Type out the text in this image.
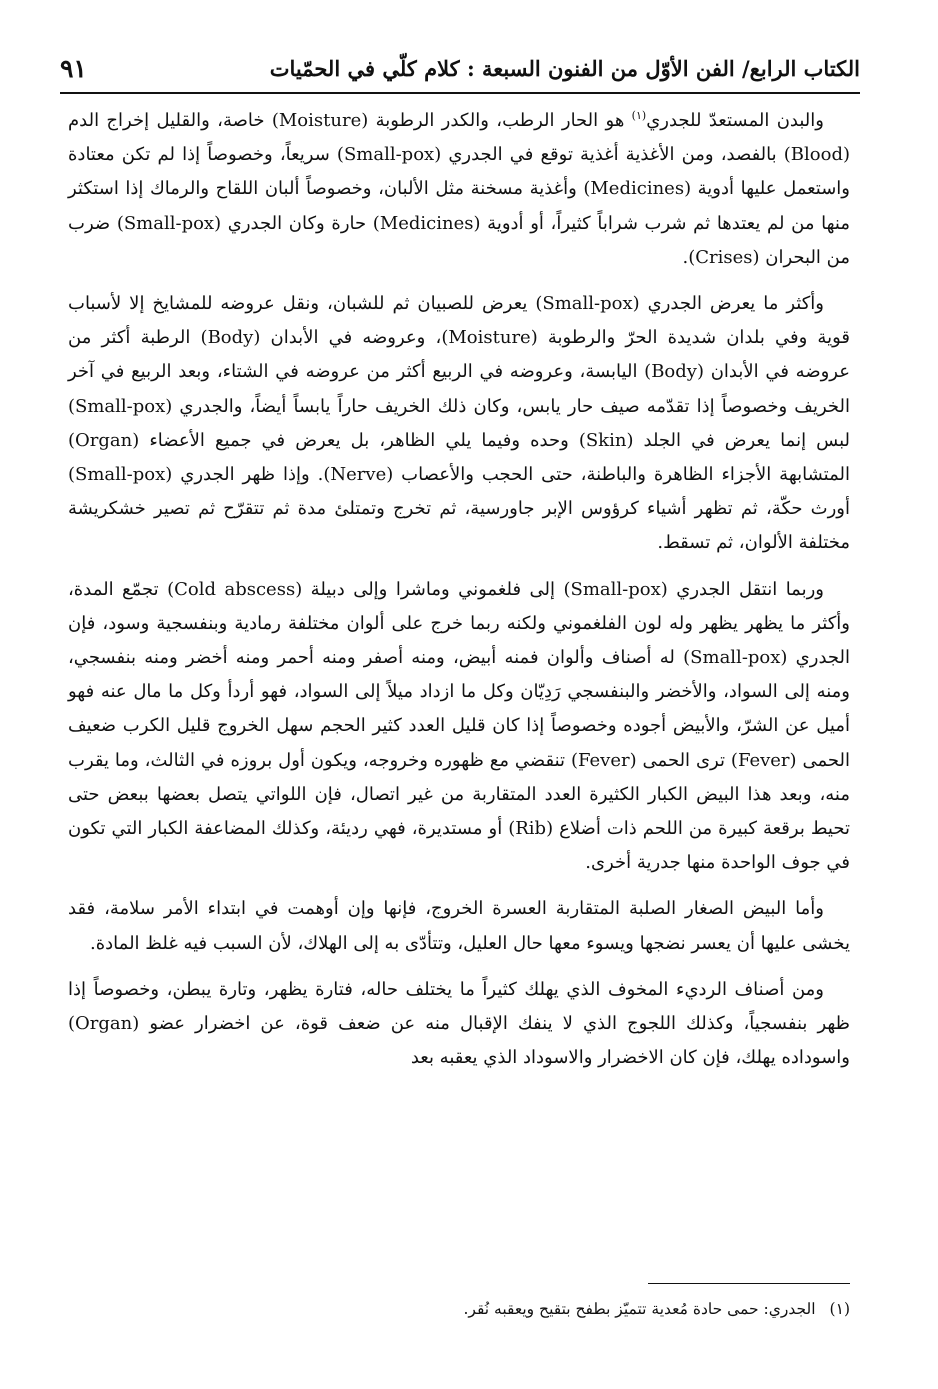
٩١	الكتاب الرابع/ الفن الأوّل من الفنون السبعة : كلام كلّي في الحمّيات

والبدن المستعدّ للجدري$^{(١)}$ هو الحار الرطب، والكدر الرطوبة (Moisture) خاصة، والقليل إخراج الدم (Blood) بالفصد، ومن الأغذية أغذية توقع في الجدري (Small-pox) سريعاً، وخصوصاً إذا لم تكن معتادة واستعمل عليها أدوية (Medicines) وأغذية مسخنة مثل الألبان، وخصوصاً ألبان اللقاح والرماك إذا استكثر منها من لم يعتدها ثم شرب شراباً كثيراً، أو أدوية (Medicines) حارة وكان الجدري (Small-pox) ضرب من البحران (Crises).

وأكثر ما يعرض الجدري (Small-pox) يعرض للصبيان ثم للشبان، ونقل عروضه للمشايخ إلا لأسباب قوية وفي بلدان شديدة الحرّ والرطوبة (Moisture)، وعروضه في الأبدان (Body) الرطبة أكثر من عروضه في الأبدان (Body) اليابسة، وعروضه في الربيع أكثر من عروضه في الشتاء، وبعد الربيع في آخر الخريف وخصوصاً إذا تقدّمه صيف حار يابس، وكان ذلك الخريف حاراً يابساً أيضاً، والجدري (Small-pox) لبس إنما يعرض في الجلد (Skin) وحده وفيما يلي الظاهر، بل يعرض في جميع الأعضاء (Organ) المتشابهة الأجزاء الظاهرة والباطنة، حتى الحجب والأعصاب (Nerve). وإذا ظهر الجدري (Small-pox) أورث حكّة، ثم تظهر أشياء كرؤوس الإبر جاورسية، ثم تخرج وتمتلئ مدة ثم تتقرّح ثم تصير خشكريشة مختلفة الألوان، ثم تسقط.

وربما انتقل الجدري (Small-pox) إلى فلغموني وماشرا وإلى دبيلة (Cold abscess) تجمّع المدة، وأكثر ما يظهر يظهر وله لون الفلغموني ولكنه ربما خرج على ألوان مختلفة رمادية وبنفسجية وسود، فإن الجدري (Small-pox) له أصناف وألوان فمنه أبيض، ومنه أصفر ومنه أحمر ومنه أخضر ومنه بنفسجي، ومنه إلى السواد، والأخضر والبنفسجي رَدِيّان وكل ما ازداد ميلاً إلى السواد، فهو أردأ وكل ما مال عنه فهو أميل عن الشرّ، والأبيض أجوده وخصوصاً إذا كان قليل العدد كثير الحجم سهل الخروج قليل الكرب ضعيف الحمى (Fever) ترى الحمى (Fever) تنقضي مع ظهوره وخروجه، ويكون أول بروزه في الثالث، وما يقرب منه، وبعد هذا البيض الكبار الكثيرة العدد المتقاربة من غير اتصال، فإن اللواتي يتصل بعضها ببعض حتى تحيط برقعة كبيرة من اللحم ذات أضلاع (Rib) أو مستديرة، فهي رديئة، وكذلك المضاعفة الكبار التي تكون في جوف الواحدة منها جدرية أخرى.

وأما البيض الصغار الصلبة المتقاربة العسرة الخروج، فإنها وإن أوهمت في ابتداء الأمر سلامة، فقد يخشى عليها أن يعسر نضجها ويسوء معها حال العليل، وتتأدّى به إلى الهلاك، لأن السبب فيه غلظ المادة.

ومن أصناف الرديء المخوف الذي يهلك كثيراً ما يختلف حاله، فتارة يظهر، وتارة يبطن، وخصوصاً إذا ظهر بنفسجياً، وكذلك اللجوج الذي لا ينفك الإقبال منه عن ضعف قوة، عن اخضرار عضو (Organ) واسوداده يهلك، فإن كان الاخضرار والاسوداد الذي يعقبه بعد

(١)الجدري: حمى حادة مُعدية تتميّز بطفح بتقيح ويعقبه نُقر.
